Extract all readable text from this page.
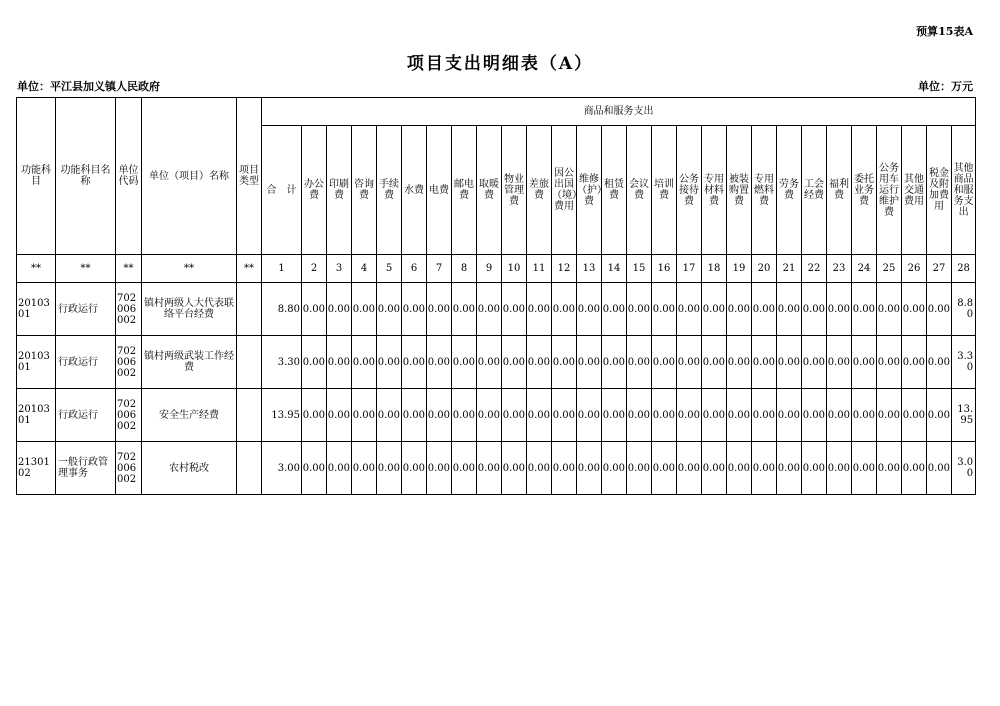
预算15表A
项目支出明细表（A）
单位：平江县加义镇人民政府	单位：万元
功能科目	功能科目名称	单位代码	单位（项目）名称	项目类型	商品和服务支出																											
					合　计	办公费	印刷费	咨询费	手续费	水费	电费	邮电费	取暖费	物业管理费	差旅费	因公出国（境）费用	维修（护）费	租赁费	会议费	培训费	公务接待费	专用材料费	被装购置费	专用燃料费	劳务费	工会经费	福利费	委托业务费	公务用车运行维护费	其他交通费用	税金及附加费用	其他商品和服务支出
**	**	**	**	**	1	2	3	4	5	6	7	8	9	10	11	12	13	14	15	16	17	18	19	20	21	22	23	24	25	26	27	28
2010301	行政运行	702006002	镇村两级人大代表联络平台经费		8.80	0.00	0.00	0.00	0.00	0.00	0.00	0.00	0.00	0.00	0.00	0.00	0.00	0.00	0.00	0.00	0.00	0.00	0.00	0.00	0.00	0.00	0.00	0.00	0.00	0.00	0.00	8.80
2010301	行政运行	702006002	镇村两级武装工作经费		3.30	0.00	0.00	0.00	0.00	0.00	0.00	0.00	0.00	0.00	0.00	0.00	0.00	0.00	0.00	0.00	0.00	0.00	0.00	0.00	0.00	0.00	0.00	0.00	0.00	0.00	0.00	3.30
2010301	行政运行	702006002	安全生产经费		13.95	0.00	0.00	0.00	0.00	0.00	0.00	0.00	0.00	0.00	0.00	0.00	0.00	0.00	0.00	0.00	0.00	0.00	0.00	0.00	0.00	0.00	0.00	0.00	0.00	0.00	0.00	13.95
2130102	一般行政管理事务	702006002	农村税改		3.00	0.00	0.00	0.00	0.00	0.00	0.00	0.00	0.00	0.00	0.00	0.00	0.00	0.00	0.00	0.00	0.00	0.00	0.00	0.00	0.00	0.00	0.00	0.00	0.00	0.00	0.00	3.00
